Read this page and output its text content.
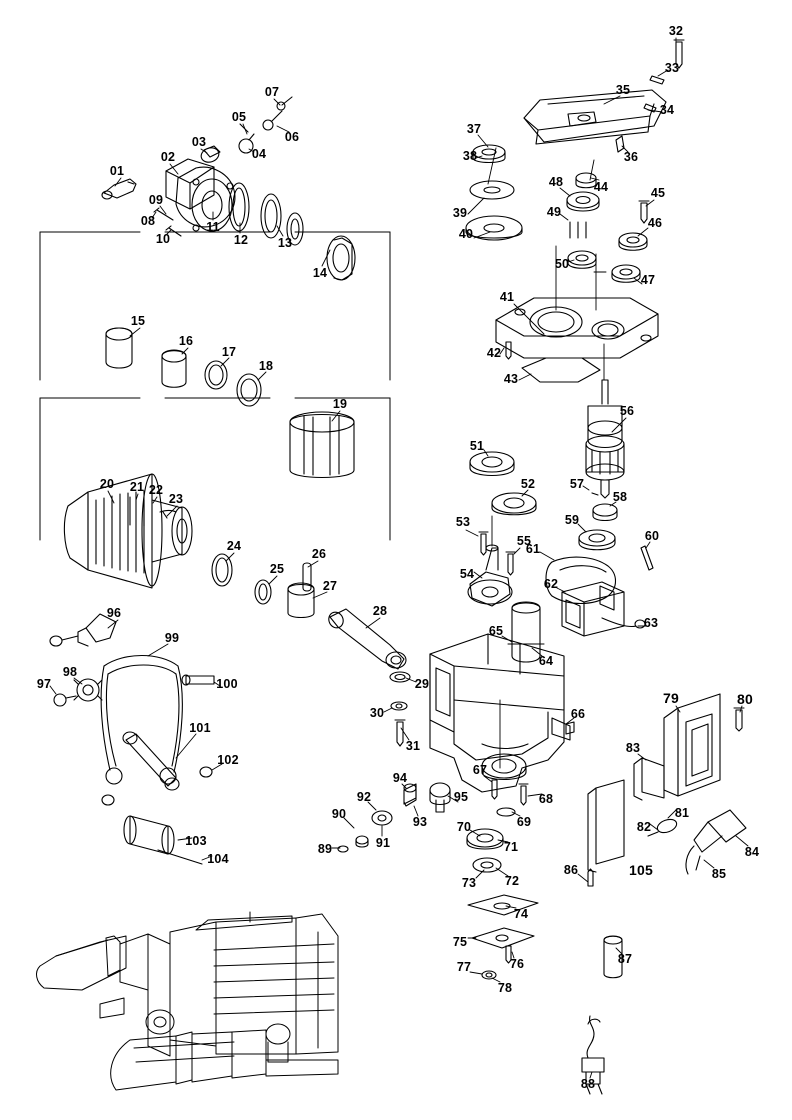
01
02
03
04
05
06
07
08
09
10
11
12 13
14
15
16
17
18
19
20 21 22
23
24
25
26
27
28
29
30
31
32
33
34
35
36
37
38
39
40
41
42
43
44	45
46
47
48
49
50
51
52
53
54
55
56
57
58
59
60
61
62
63
64
65
66
67
68
69
70
71
72
73
74
75
76
77
78
79	80
81
82
83
84
85
86
87
88
89
90
91
92
93
94
95
96
97
98
99
100
101
102
103
104
105
